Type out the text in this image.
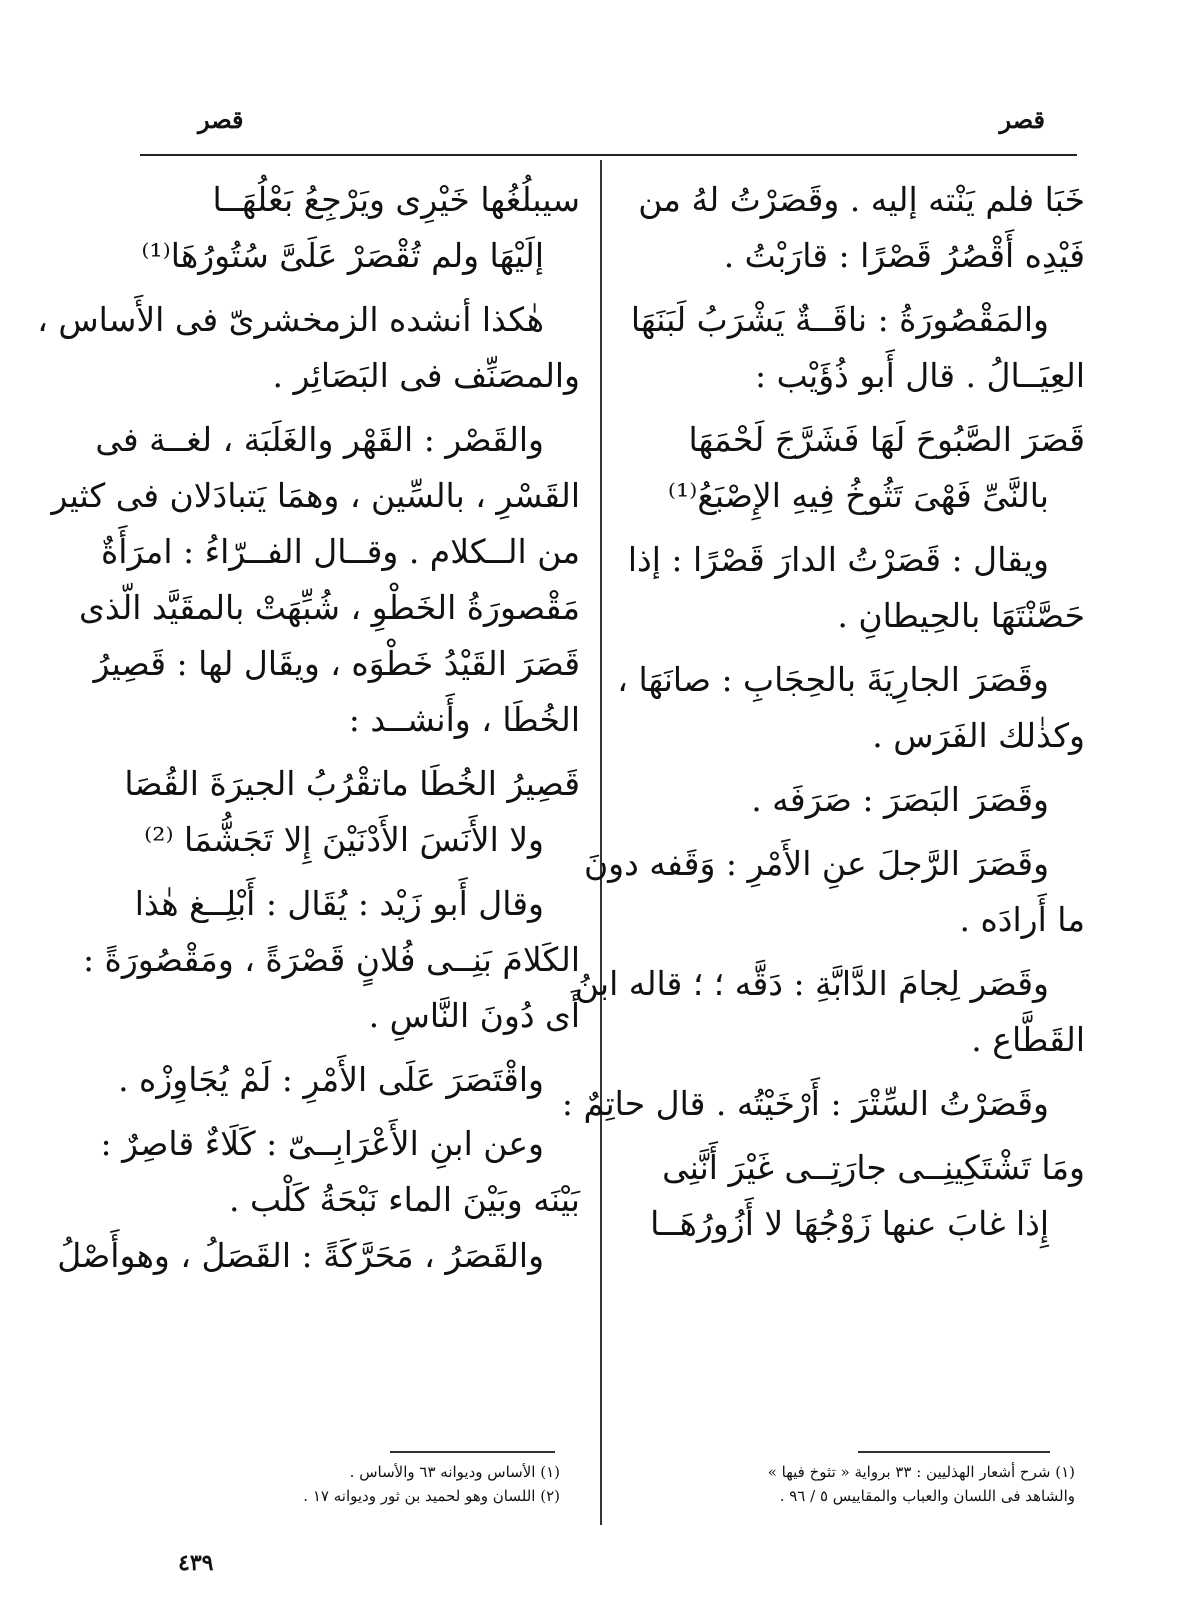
قصر
قصر
خَبَا فلم يَنْته إليه . وقَصَرْتُ لهُ من
فَيْدِه أَقْصُرُ قَصْرًا : قارَبْتُ .
والمَقْصُورَةُ : ناقَــةٌ يَشْرَبُ لَبَنَهَا
العِيَــالُ . قال أَبو ذُؤَيْب :
قَصَرَ الصَّبُوحَ لَهَا فَشَرَّجَ لَحْمَهَا
بالنَّىِّ فَهْىَ تَثُوخُ فِيهِ الإِصْبَعُ⁽¹⁾
ويقال : قَصَرْتُ الدارَ قَصْرًا : إذا
حَصَّنْتَهَا بالحِيطانِ .
وقَصَرَ الجارِيَةَ بالحِجَابِ : صانَهَا ،
وكذٰلك الفَرَس .
وقَصَرَ البَصَرَ : صَرَفَه .
وقَصَرَ الرَّجلَ عنِ الأَمْرِ : وَقَفه دونَ
ما أَرادَه .
وقَصَر لِجامَ الدَّابَّةِ : دَقَّه ؛ ؛ قاله ابنُ
القَطَّاع .
وقَصَرْتُ السِّتْرَ : أَرْخَيْتُه . قال حاتِمٌ :
ومَا تَشْتَكِينِــى جارَتِــى غَيْرَ أَنَّنِى
إِذا غابَ عنها زَوْجُهَا لا أَزُورُهَــا
سيبلُغُها خَيْرِى ويَرْجِعُ بَعْلُهَــا
إلَيْهَا ولم تُقْصَرْ عَلَىَّ سُتُورُهَا⁽¹⁾
هٰكذا أنشده الزمخشرىّ فى الأَساس ،
والمصَنِّف فى البَصَائِر .
والقَصْر : القَهْر والغَلَبَة ، لغــة فى
القَسْرِ ، بالسِّين ، وهمَا يَتبادَلان فى كثير
من الــكلام . وقــال الفــرّاءُ : امرَأَةٌ
مَقْصورَةُ الخَطْوِ ، شُبِّهَتْ بالمقَيَّد الّذى
قَصَرَ القَيْدُ خَطْوَه ، ويقَال لها : قَصِيرُ
الخُطَا ، وأَنشــد :
قَصِيرُ الخُطَا ماتقْرُبُ الجيرَةَ القُصَا
ولا الأَنَسَ الأَدْنَيْنَ إِلا تَجَشُّمَا ⁽²⁾
وقال أَبو زَيْد : يُقَال : أَبْلِــغ هٰذا
الكَلامَ بَنِــى فُلانٍ قَصْرَةً ، ومَقْصُورَةً :
أَى دُونَ النَّاسِ .
واقْتَصَرَ عَلَى الأَمْرِ : لَمْ يُجَاوِزْه .
وعن ابنِ الأَعْرَابِــىّ : كَلَاءٌ قاصِرٌ :
بَيْنَه وبَيْنَ الماء نَبْحَةُ كَلْب .
والقَصَرُ ، مَحَرَّكَةً : القَصَلُ ، وهوأَصْلُ
(١) شرح أشعار الهذليين : ٣٣ برواية « تثوخ فيها »
والشاهد فى اللسان والعباب والمقاييس ٥ / ٩٦ .
(١) الأساس وديوانه ٦٣ والأساس .
(٢) اللسان وهو لحميد بن ثور وديوانه ١٧ .
٤٣٩
